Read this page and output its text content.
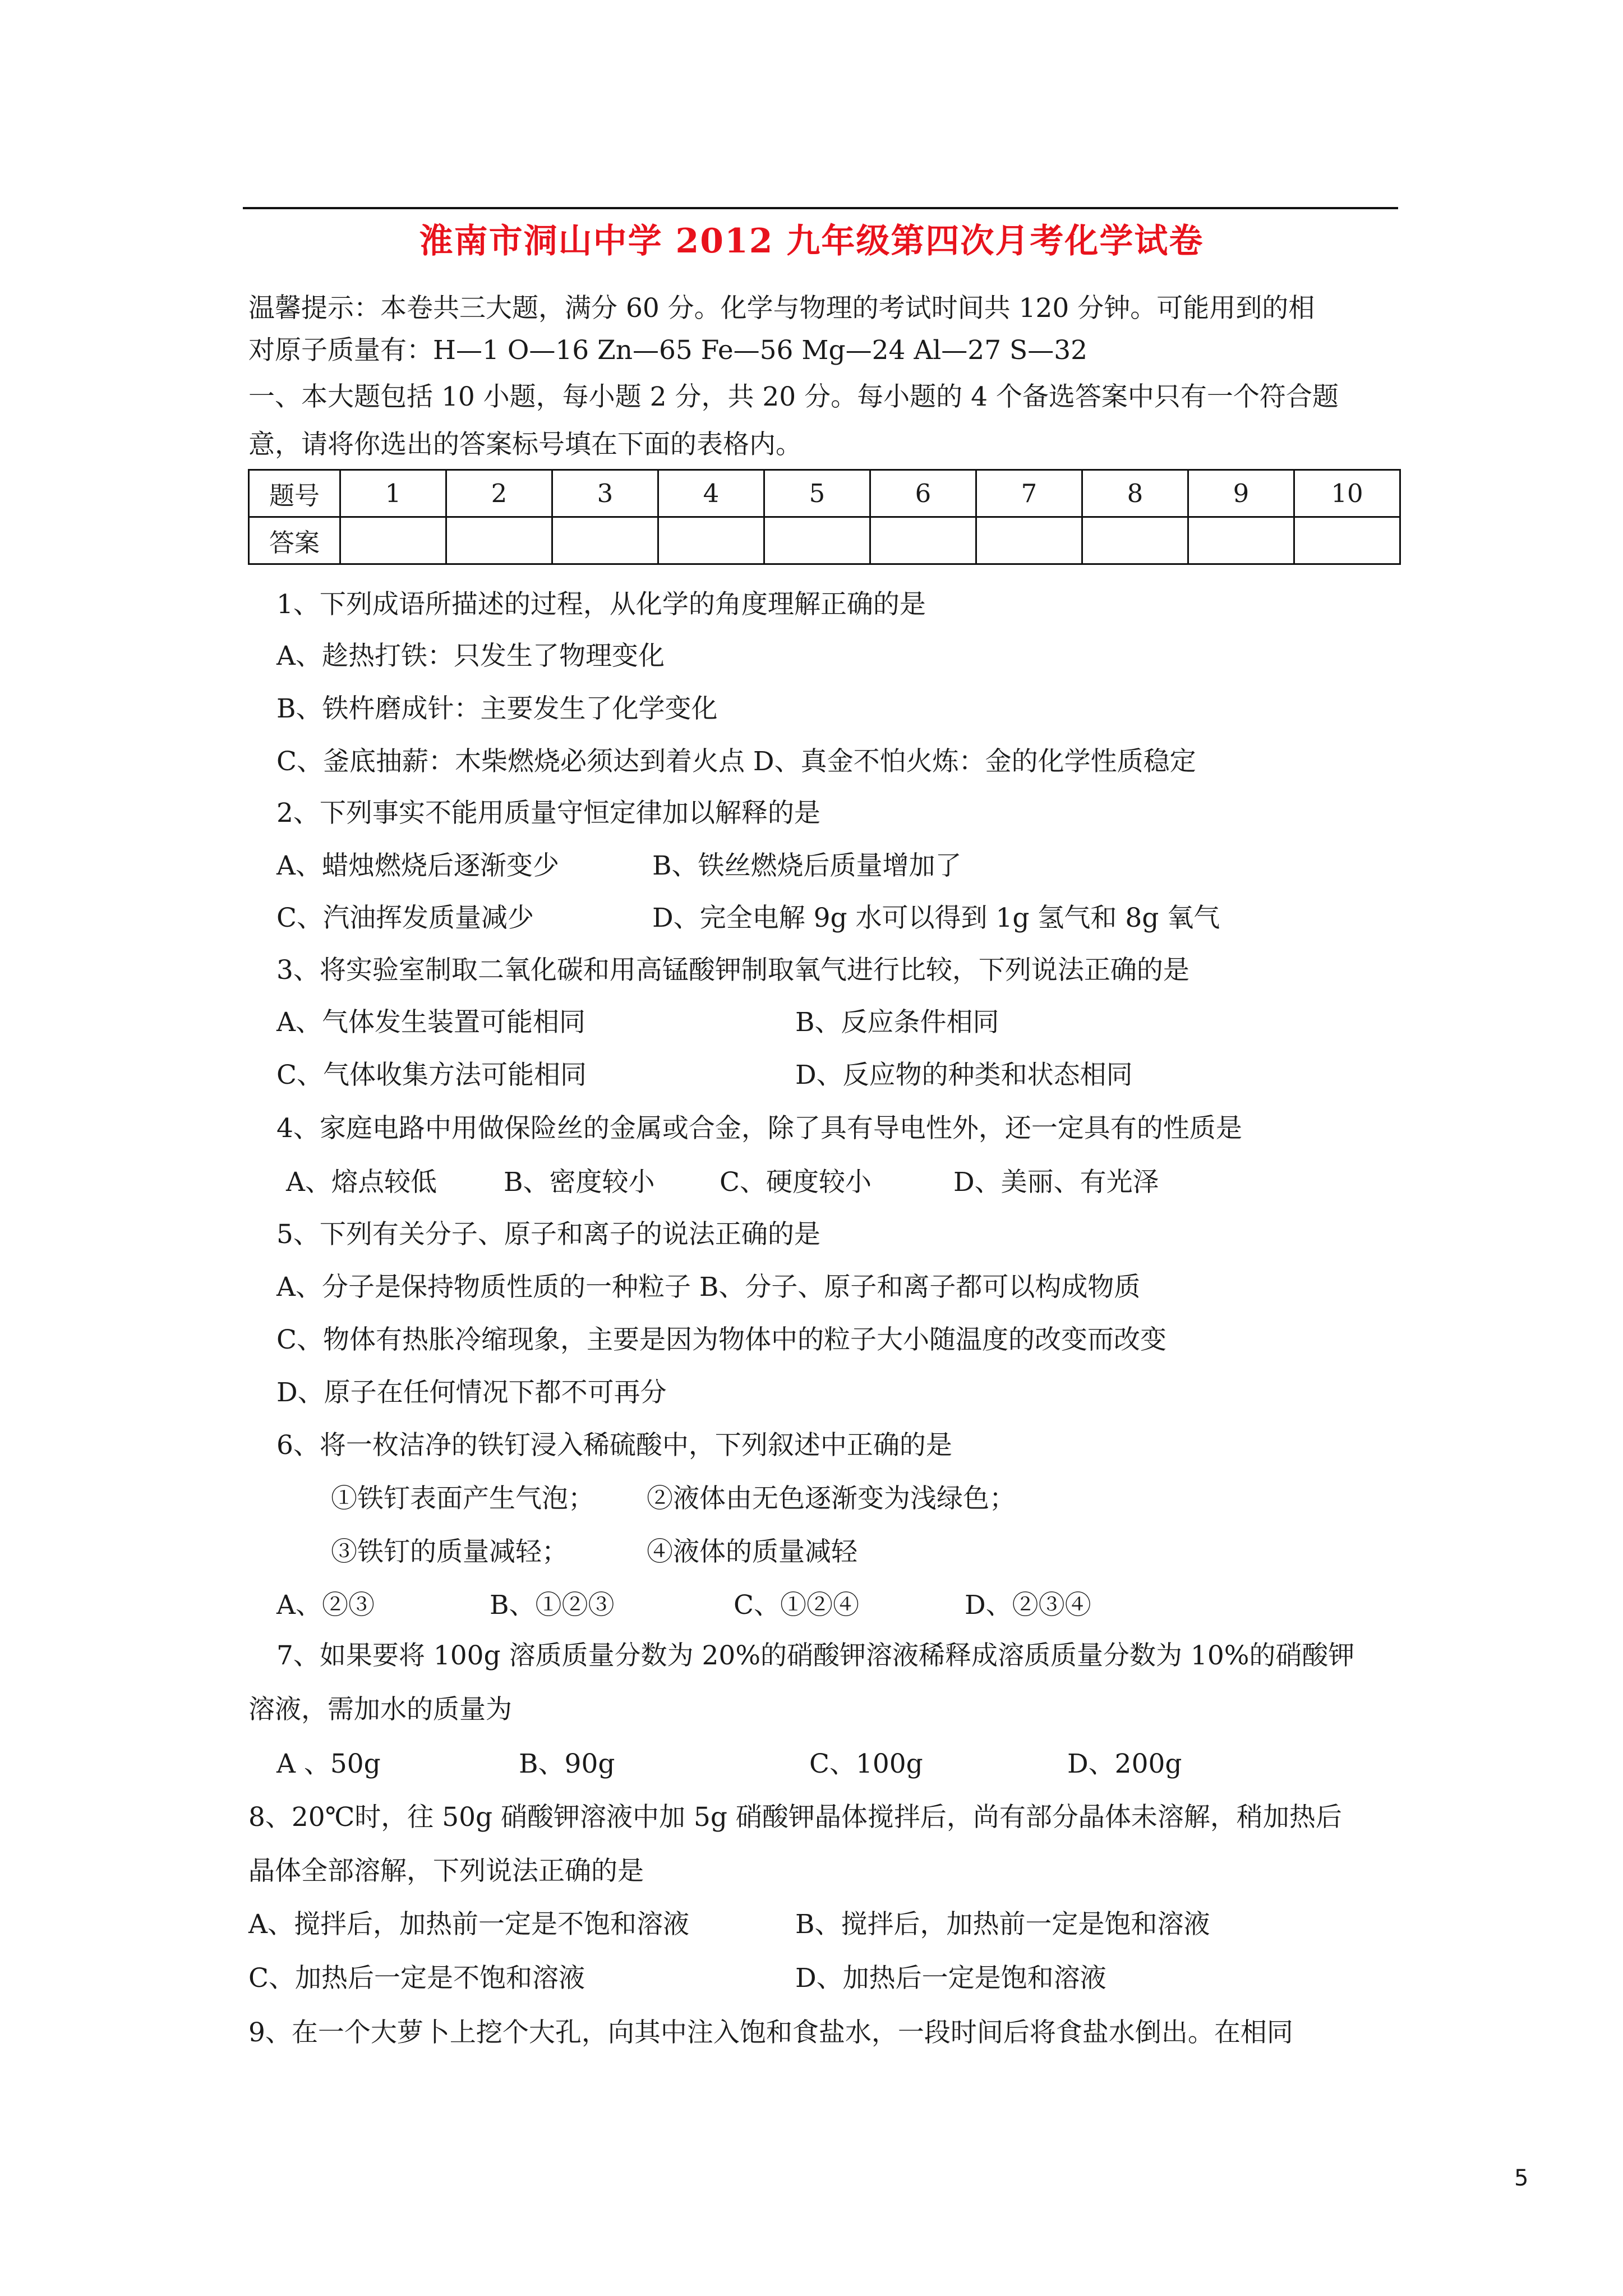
淮南市洞山中学 2012 九年级第四次月考化学试卷
温馨提示：本卷共三大题，满分 60 分。化学与物理的考试时间共 120 分钟。可能用到的相
对原子质量有：H—1 O—16 Zn—65 Fe—56 Mg—24 Al—27 S—32
一、本大题包括 10 小题，每小题 2 分，共 20 分。每小题的 4 个备选答案中只有一个符合题
意，请将你选出的答案标号填在下面的表格内。
题号	1	2	3	4	5	6	7	8	9	10
答案										
1、下列成语所描述的过程，从化学的角度理解正确的是
A、趁热打铁：只发生了物理变化
B、铁杵磨成针：主要发生了化学变化
C、釜底抽薪：木柴燃烧必须达到着火点 D、真金不怕火炼：金的化学性质稳定
2、下列事实不能用质量守恒定律加以解释的是
A、蜡烛燃烧后逐渐变少	B、铁丝燃烧后质量增加了
C、汽油挥发质量减少	D、完全电解 9g 水可以得到 1g 氢气和 8g 氧气
3、将实验室制取二氧化碳和用高锰酸钾制取氧气进行比较，下列说法正确的是
A、气体发生装置可能相同	B、反应条件相同
C、气体收集方法可能相同	D、反应物的种类和状态相同
4、家庭电路中用做保险丝的金属或合金，除了具有导电性外，还一定具有的性质是
A、熔点较低	B、密度较小 C、硬度较小	D、美丽、有光泽
5、下列有关分子、原子和离子的说法正确的是
A、分子是保持物质性质的一种粒子 B、分子、原子和离子都可以构成物质
C、物体有热胀冷缩现象，主要是因为物体中的粒子大小随温度的改变而改变
D、原子在任何情况下都不可再分
6、将一枚洁净的铁钉浸入稀硫酸中，下列叙述中正确的是
①铁钉表面产生气泡； ②液体由无色逐渐变为浅绿色；
③铁钉的质量减轻；	④液体的质量减轻
A、②③	B、①②③	C、①②④	D、②③④
7、如果要将 100g 溶质质量分数为 20%的硝酸钾溶液稀释成溶质质量分数为 10%的硝酸钾
溶液，需加水的质量为
A 、50g	B、90g	C、100g	D、200g
8、20℃时，往 50g 硝酸钾溶液中加 5g 硝酸钾晶体搅拌后，尚有部分晶体未溶解，稍加热后
晶体全部溶解，下列说法正确的是
A、搅拌后，加热前一定是不饱和溶液	B、搅拌后，加热前一定是饱和溶液
C、加热后一定是不饱和溶液	D、加热后一定是饱和溶液
9、在一个大萝卜上挖个大孔，向其中注入饱和食盐水，一段时间后将食盐水倒出。在相同
5
